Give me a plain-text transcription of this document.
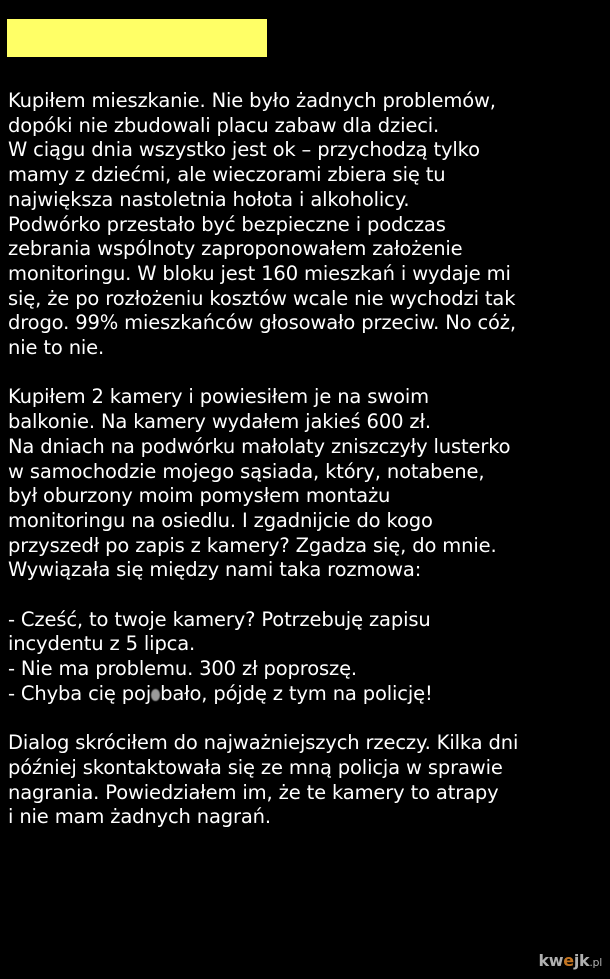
Kupiłem mieszkanie. Nie było żadnych problemów,
dopóki nie zbudowali placu zabaw dla dzieci.
W ciągu dnia wszystko jest ok – przychodzą tylko
mamy z dziećmi, ale wieczorami zbiera się tu
największa nastoletnia hołota i alkoholicy.
Podwórko przestało być bezpieczne i podczas
zebrania wspólnoty zaproponowałem założenie
monitoringu. W bloku jest 160 mieszkań i wydaje mi
się, że po rozłożeniu kosztów wcale nie wychodzi tak
drogo. 99% mieszkańców głosowało przeciw. No cóż,
nie to nie.
Kupiłem 2 kamery i powiesiłem je na swoim
balkonie. Na kamery wydałem jakieś 600 zł.
Na dniach na podwórku małolaty zniszczyły lusterko
w samochodzie mojego sąsiada, który, notabene,
był oburzony moim pomysłem montażu
monitoringu na osiedlu. I zgadnijcie do kogo
przyszedł po zapis z kamery? Zgadza się, do mnie.
Wywiązała się między nami taka rozmowa:
- Cześć, to twoje kamery? Potrzebuję zapisu
incydentu z 5 lipca.
- Nie ma problemu. 300 zł poproszę.
- Chyba cię poj bało, pójdę z tym na policję!
Dialog skróciłem do najważniejszych rzeczy. Kilka dni
później skontaktowała się ze mną policja w sprawie
nagrania. Powiedziałem im, że te kamery to atrapy
i nie mam żadnych nagrań.
kwejk.pl
